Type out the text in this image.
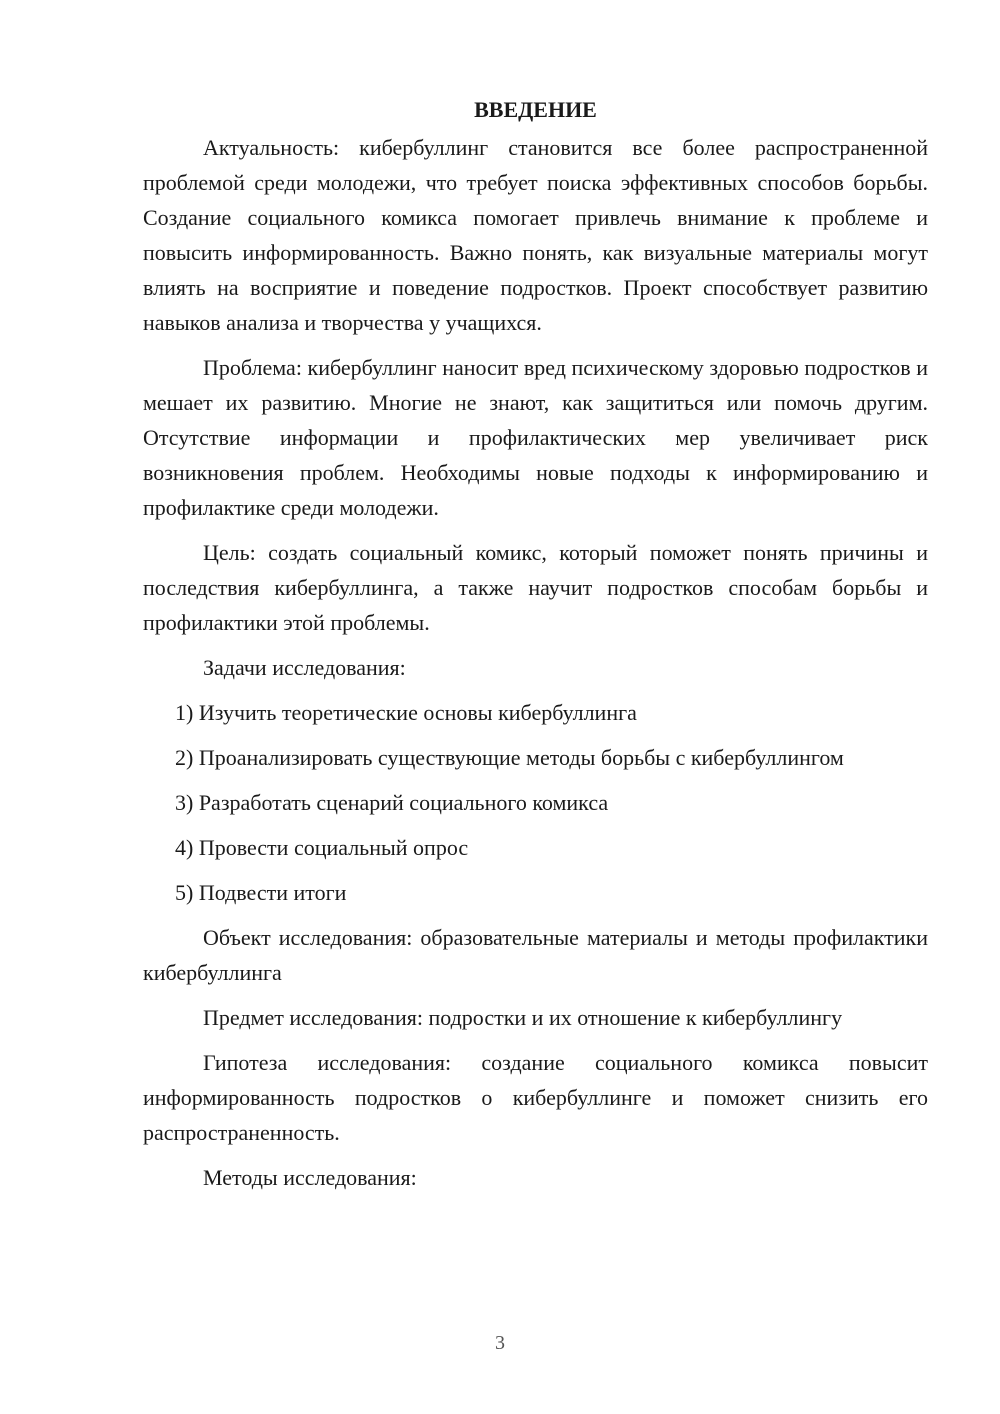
ВВЕДЕНИЕ

Актуальность: кибербуллинг становится все более распространенной проблемой среди молодежи, что требует поиска эффективных способов борьбы. Создание социального комикса помогает привлечь внимание к проблеме и повысить информированность. Важно понять, как визуальные материалы могут влиять на восприятие и поведение подростков. Проект способствует развитию навыков анализа и творчества у учащихся.

Проблема: кибербуллинг наносит вред психическому здоровью подростков и мешает их развитию. Многие не знают, как защититься или помочь другим. Отсутствие информации и профилактических мер увеличивает риск возникновения проблем. Необходимы новые подходы к информированию и профилактике среди молодежи.

Цель: создать социальный комикс, который поможет понять причины и последствия кибербуллинга, а также научит подростков способам борьбы и профилактики этой проблемы.

Задачи исследования:

1) Изучить теоретические основы кибербуллинга

2) Проанализировать существующие методы борьбы с кибербуллингом

3) Разработать сценарий социального комикса

4) Провести социальный опрос

5) Подвести итоги

Объект исследования: образовательные материалы и методы профилактики кибербуллинга

Предмет исследования: подростки и их отношение к кибербуллингу

Гипотеза исследования: создание социального комикса повысит информированность подростков о кибербуллинге и поможет снизить его распространенность.

Методы исследования:

3
